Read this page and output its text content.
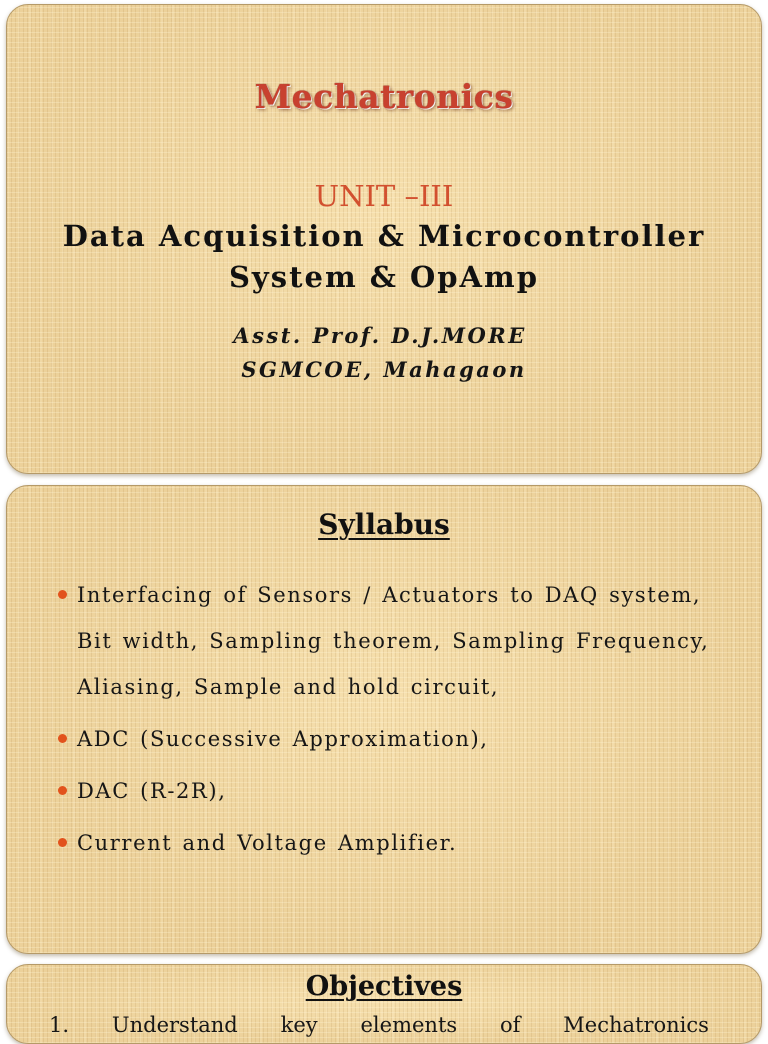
Mechatronics
UNIT –III
Data Acquisition & Microcontroller
System & OpAmp
Asst. Prof. D.J.MORE
SGMCOE, Mahagaon
Syllabus
Interfacing of Sensors / Actuators to DAQ system,
Bit width, Sampling theorem, Sampling Frequency,
Aliasing, Sample and hold circuit,
ADC (Successive Approximation),
DAC (R-2R),
Current and Voltage Amplifier.
Objectives
1. Understand key elements of Mechatronics
